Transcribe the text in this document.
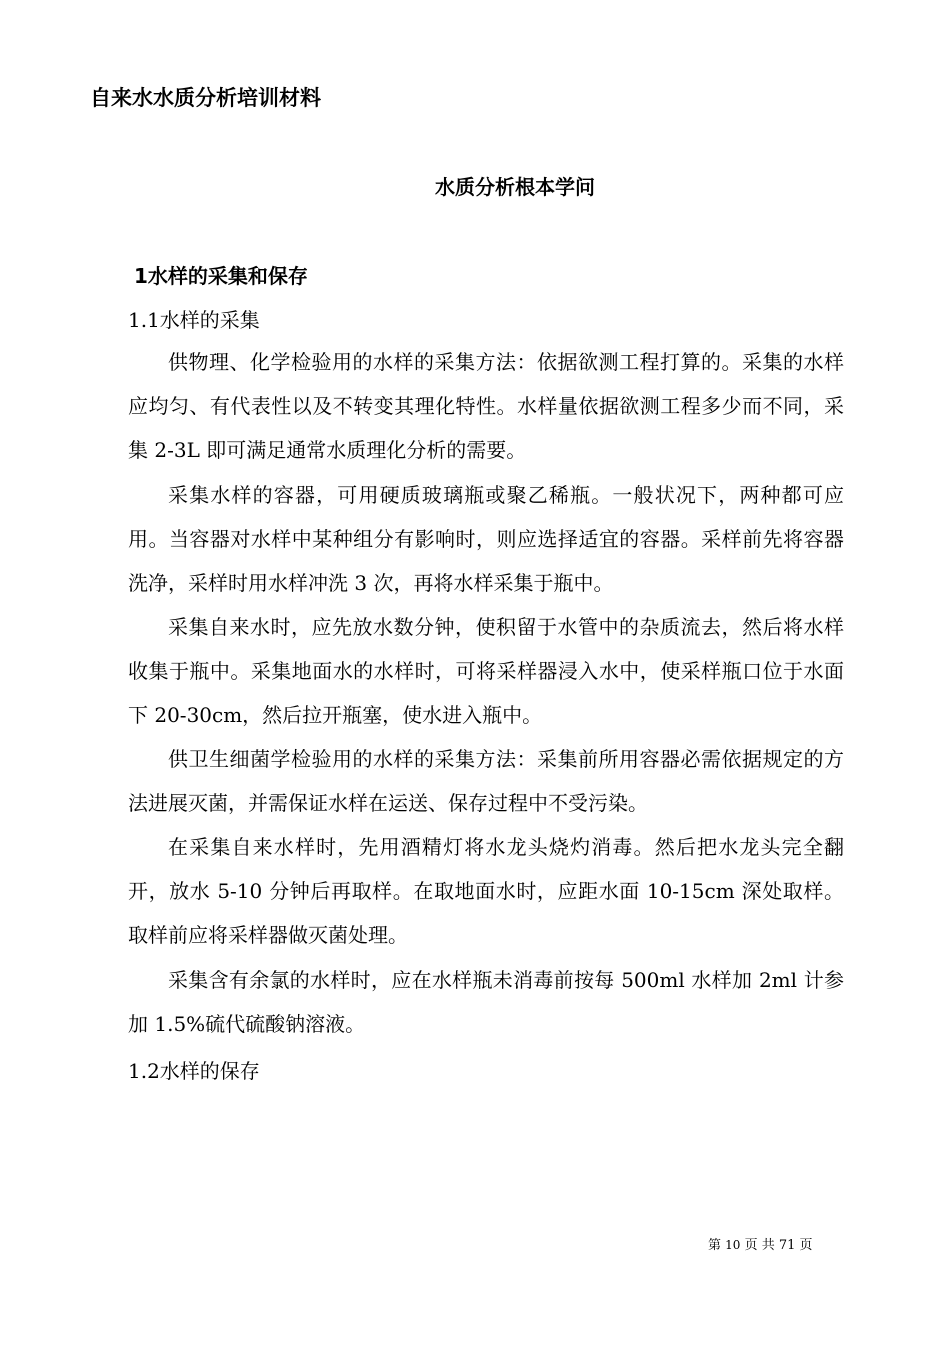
自来水水质分析培训材料
水质分析根本学问
1水样的采集和保存
1.1水样的采集

供物理、化学检验用的水样的采集方法：依据欲测工程打算的。采集的水样应均匀、有代表性以及不转变其理化特性。水样量依据欲测工程多少而不同，采集 2-3L 即可满足通常水质理化分析的需要。

采集水样的容器，可用硬质玻璃瓶或聚乙稀瓶。一般状况下，两种都可应用。当容器对水样中某种组分有影响时，则应选择适宜的容器。采样前先将容器洗净，采样时用水样冲洗 3 次，再将水样采集于瓶中。

采集自来水时，应先放水数分钟，使积留于水管中的杂质流去，然后将水样收集于瓶中。采集地面水的水样时，可将采样器浸入水中，使采样瓶口位于水面下 20-30cm，然后拉开瓶塞，使水进入瓶中。

供卫生细菌学检验用的水样的采集方法：采集前所用容器必需依据规定的方法进展灭菌，并需保证水样在运送、保存过程中不受污染。

在采集自来水样时，先用酒精灯将水龙头烧灼消毒。然后把水龙头完全翻开，放水 5-10 分钟后再取样。在取地面水时，应距水面 10-15cm 深处取样。取样前应将采样器做灭菌处理。

采集含有余氯的水样时，应在水样瓶未消毒前按每 500ml 水样加 2ml 计参加 1.5%硫代硫酸钠溶液。

1.2水样的保存
第 10 页 共 71 页
